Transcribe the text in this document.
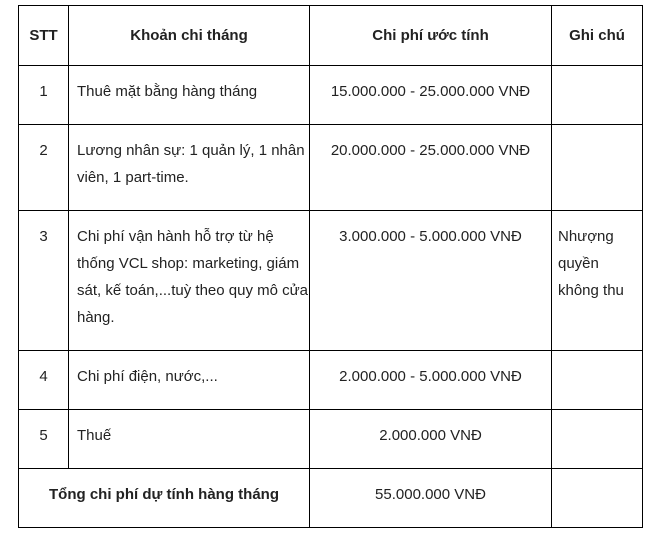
STT	Khoản chi tháng	Chi phí ước tính	Ghi chú
1	Thuê mặt bằng hàng tháng	15.000.000 - 25.000.000 VNĐ	
2	Lương nhân sự: 1 quản lý, 1 nhân viên, 1 part-time.	20.000.000 - 25.000.000 VNĐ	
3	Chi phí vận hành hỗ trợ từ hệ thống VCL shop: marketing, giám sát, kế toán,...tuỳ theo quy mô cửa hàng.	3.000.000 - 5.000.000 VNĐ	Nhượng quyền không thu
4	Chi phí điện, nước,...	2.000.000 - 5.000.000 VNĐ	
5	Thuế	2.000.000 VNĐ	
Tổng chi phí dự tính hàng tháng		55.000.000 VNĐ	
